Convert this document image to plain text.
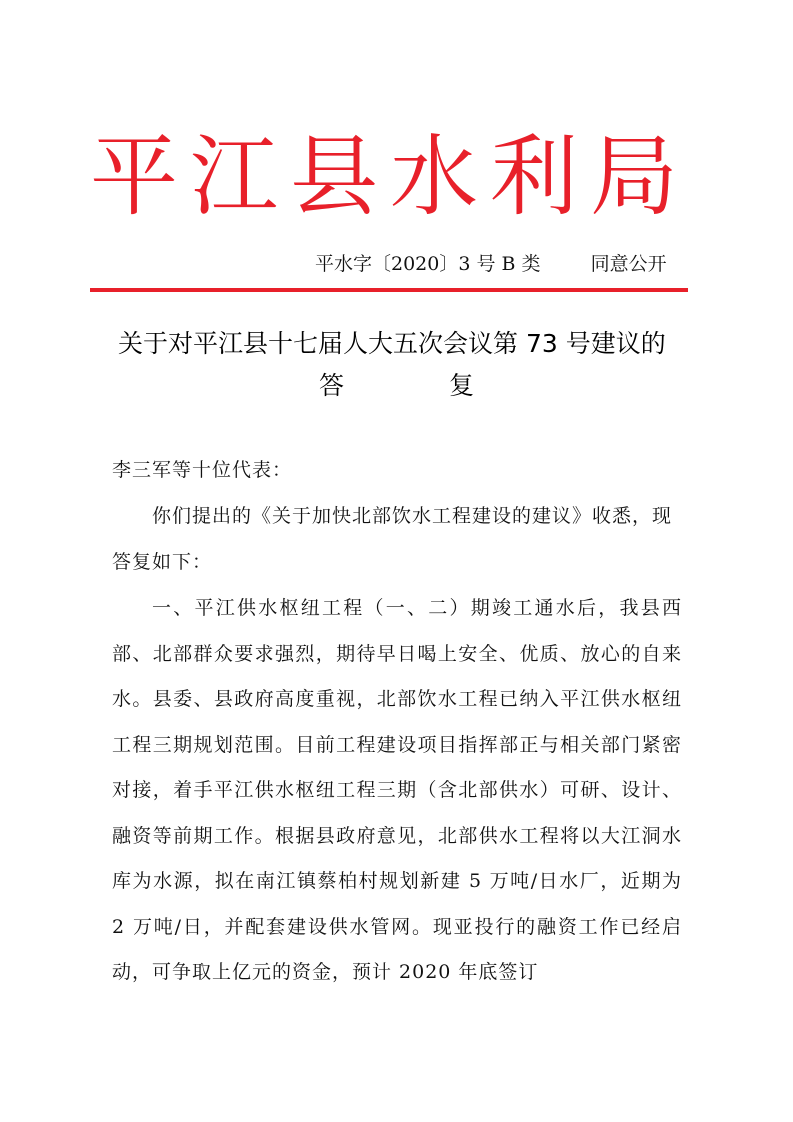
平江县水利局
平水字〔2020〕3 号 B 类	同意公开
关于对平江县十七届人大五次会议第 73 号建议的
答　复
李三军等十位代表：
你们提出的《关于加快北部饮水工程建设的建议》收悉，现答复如下：
一、平江供水枢纽工程（一、二）期竣工通水后，我县西部、北部群众要求强烈，期待早日喝上安全、优质、放心的自来水。县委、县政府高度重视，北部饮水工程已纳入平江供水枢纽工程三期规划范围。目前工程建设项目指挥部正与相关部门紧密对接，着手平江供水枢纽工程三期（含北部供水）可研、设计、融资等前期工作。根据县政府意见，北部供水工程将以大江洞水库为水源，拟在南江镇蔡柏村规划新建 5 万吨/日水厂，近期为 2 万吨/日，并配套建设供水管网。现亚投行的融资工作已经启动，可争取上亿元的资金，预计 2020 年底签订
